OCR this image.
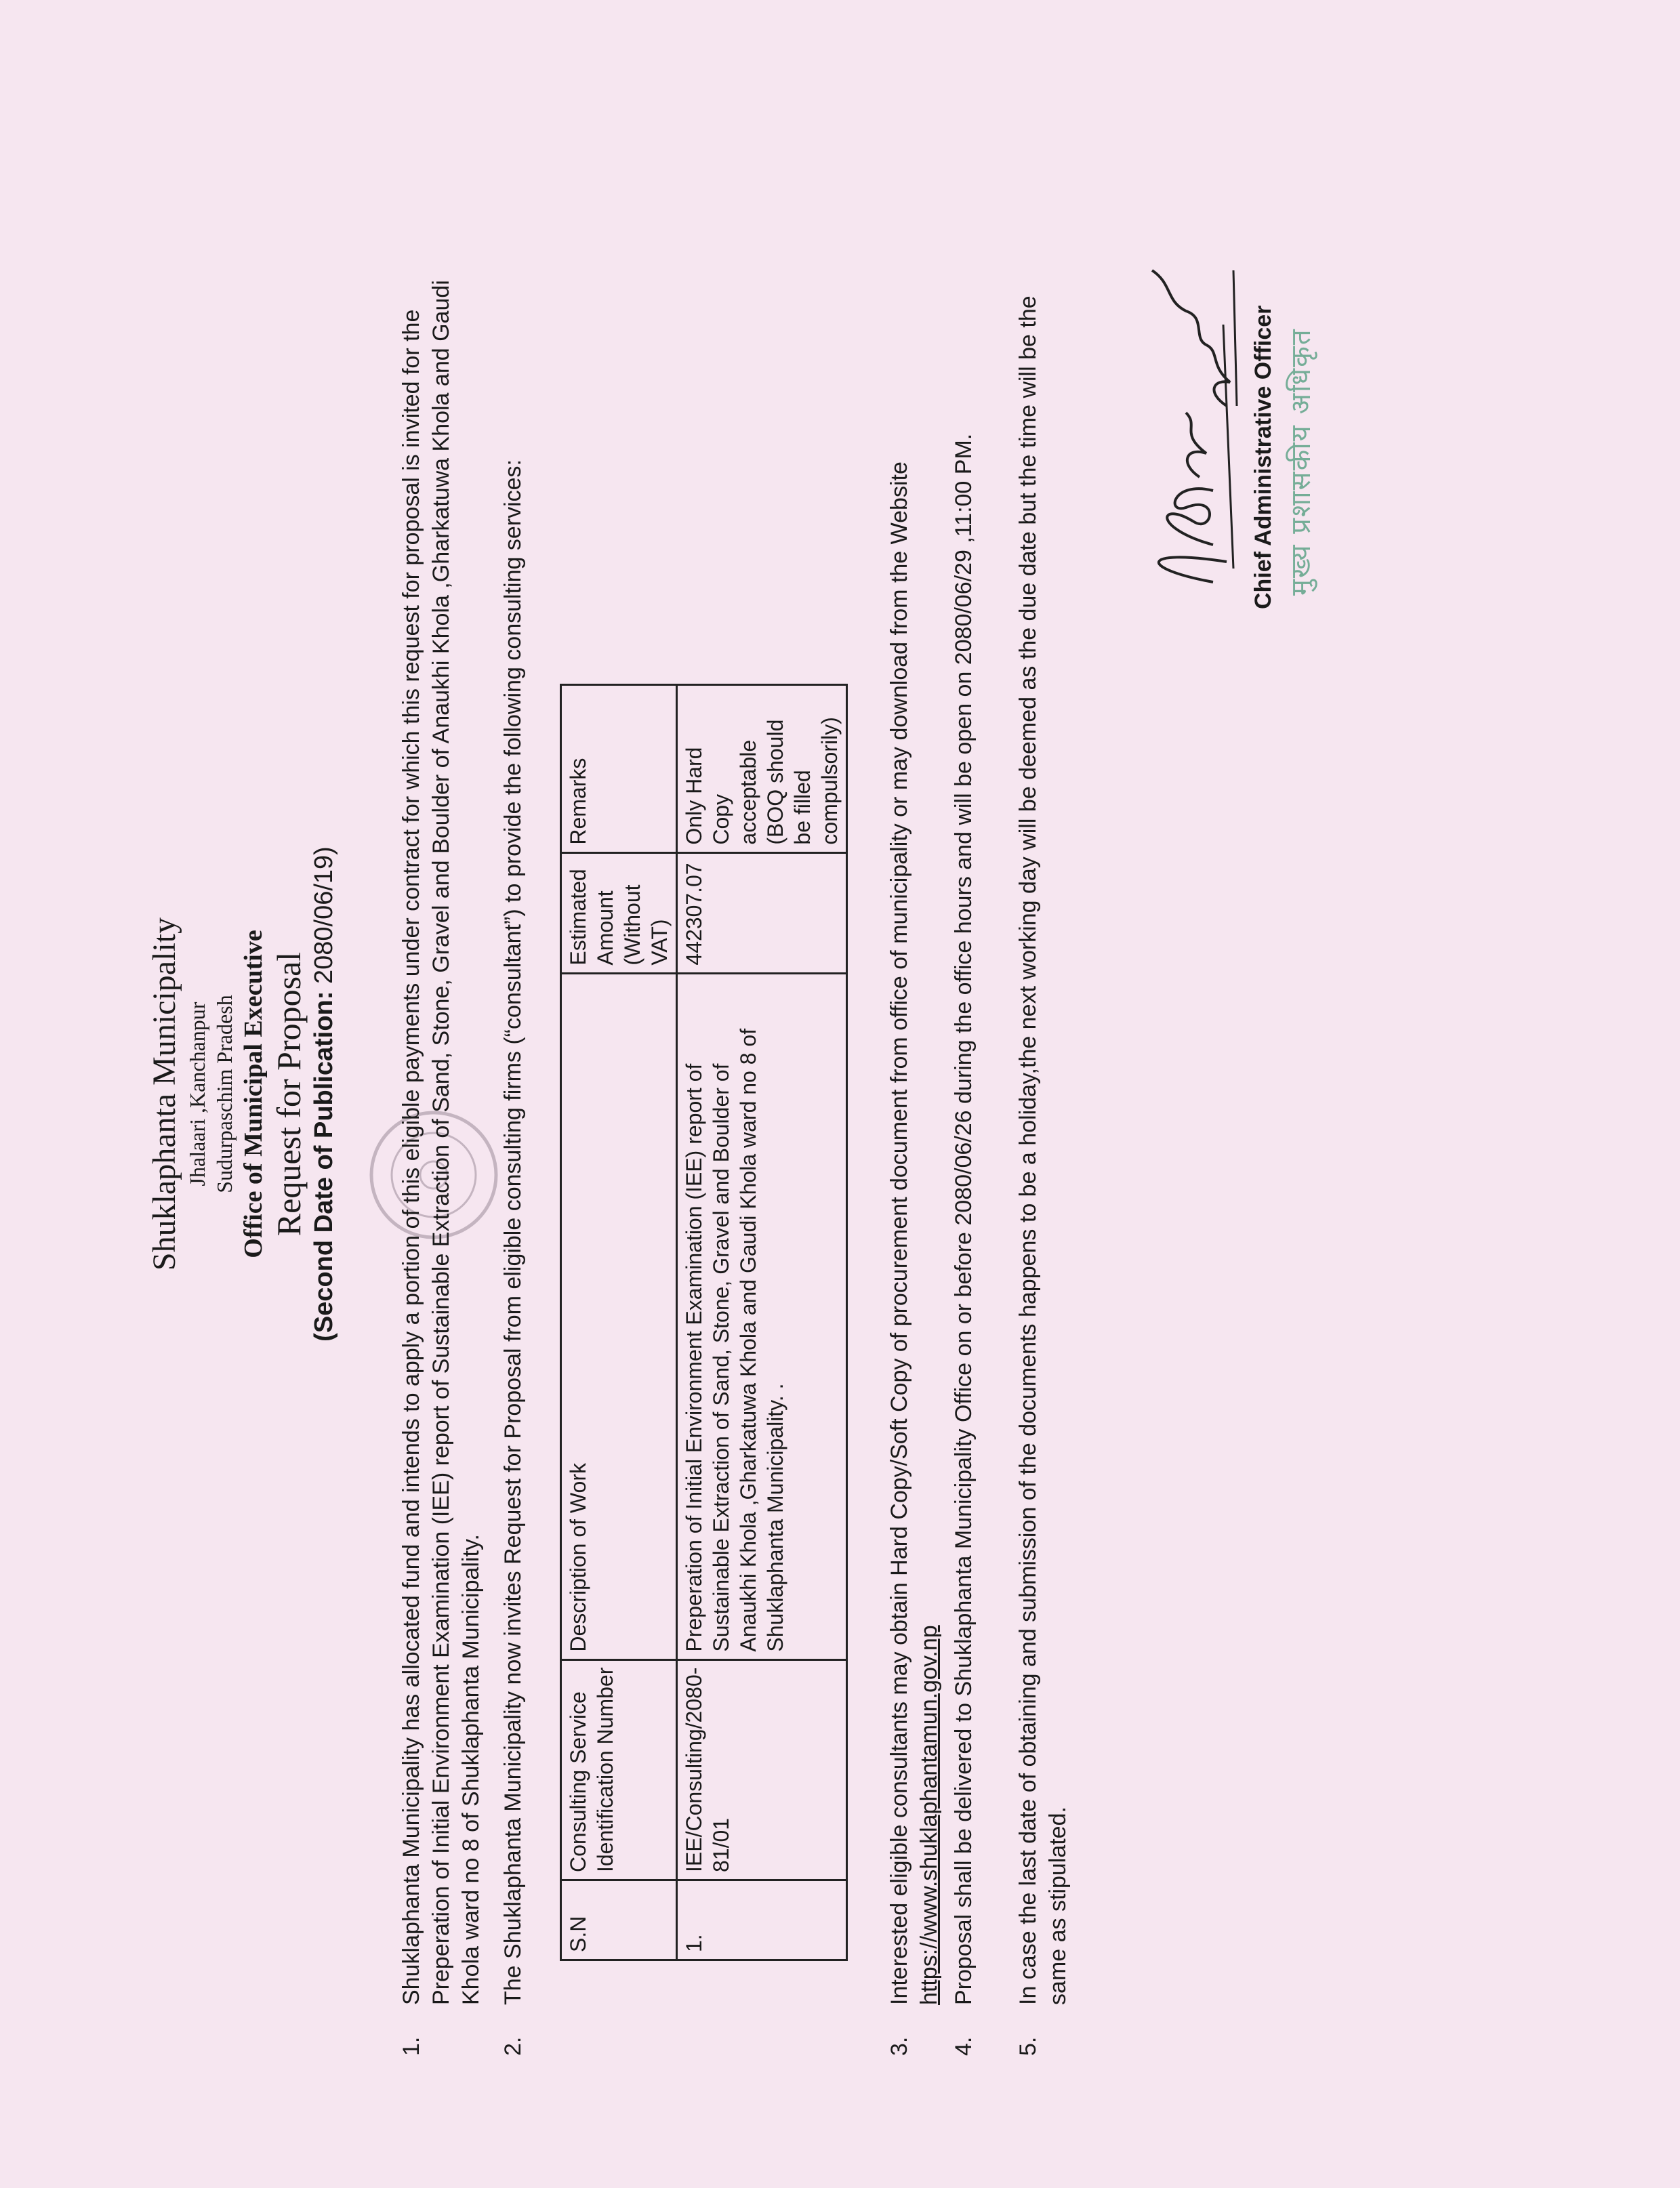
Shuklaphanta Municipality Jhalaari ,Kanchanpur Sudurpaschim Pradesh Office of Municipal Executive Request for Proposal (Second Date of Publication: 2080/06/19)
1.
Shuklaphanta Municipality has allocated fund and intends to apply a portion of this eligible payments under contract for which this request for proposal is invited for the Preperation of Initial Environment Examination (IEE) report of Sustainable Extraction of Sand, Stone, Gravel and Boulder of Anaukhi Khola ,Gharkatuwa Khola and Gaudi Khola ward no 8 of Shuklaphanta Municipality.
2.
The Shuklaphanta Municipality now invites Request for Proposal from eligible consulting firms (“consultant”) to provide the following consulting services: S.N	Consulting Service Identification Number	Description of Work	Estimated Amount (Without VAT)	Remarks
1.	IEE/Consulting/2080-81/01	Preperation of Initial Environment Examination (IEE) report of Sustainable Extraction of Sand, Stone, Gravel and Boulder of Anaukhi Khola ,Gharkatuwa Khola and Gaudi Khola ward no 8 of Shuklaphanta Municipality. .	442307.07	Only Hard Copy acceptable (BOQ should be filled compulsorily)
3.
Interested eligible consultants may obtain Hard Copy/Soft Copy of procurement document from office of municipality or may download from the Website https://www.shuklaphantamun.gov.np
4.
Proposal shall be delivered to Shuklaphanta Municipality Office on or before 2080/06/26 during the office hours and will be open on 2080/06/29 ,11:00 PM.
5.
In case the last date of obtaining and submission of the documents happens to be a holiday,the next working day will be deemed as the due date but the time will be the same as stipulated.
Chief Administrative Officer मुख्य प्रशासकीय अधिकृत
